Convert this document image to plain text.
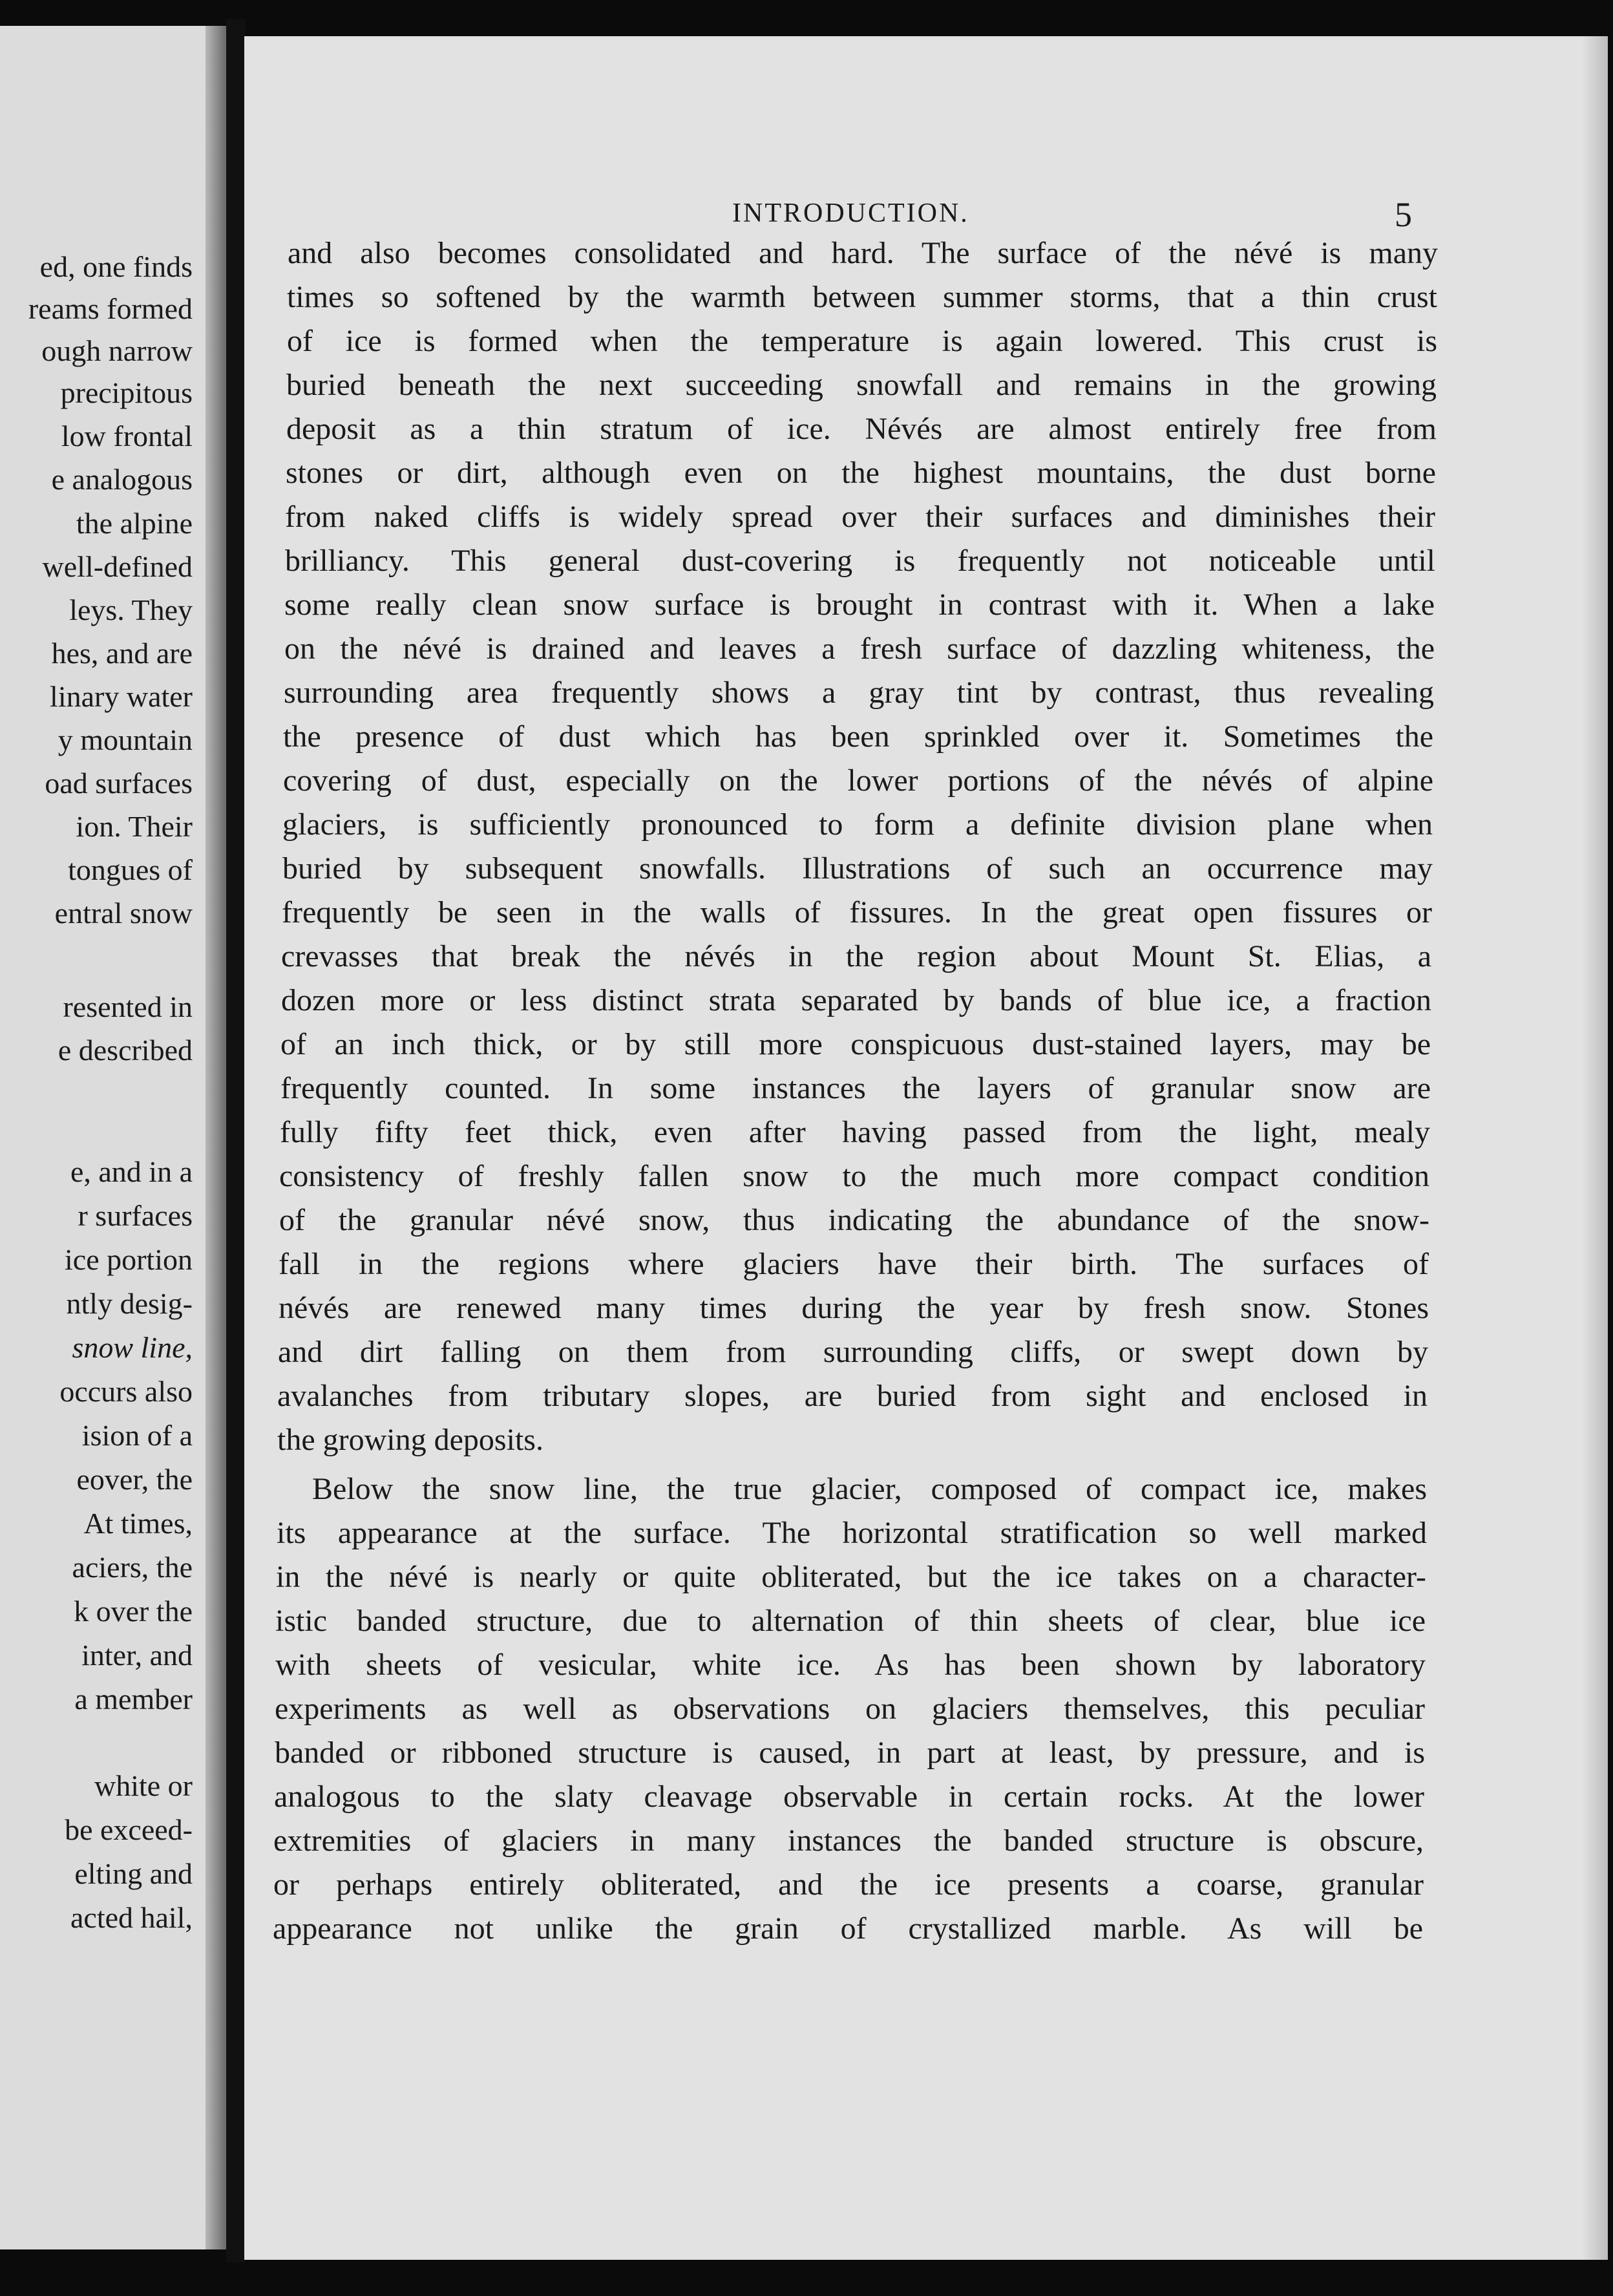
ed, one finds
reams formed
ough narrow
precipitous
low frontal
e analogous
the alpine
well-defined
leys. They
hes, and are
linary water
y mountain
oad surfaces
ion. Their
tongues of
entral snow
resented in
e described
e, and in a
r surfaces
ice portion
ntly desig-
snow line,
occurs also
ision of a
eover, the
At times,
aciers, the
k over the
inter, and
a member
white or
be exceed-
elting and
acted hail,
INTRODUCTION.	5
and also becomes consolidated and hard. The surface of the névé is many
times so softened by the warmth between summer storms, that a thin crust
of ice is formed when the temperature is again lowered. This crust is
buried beneath the next succeeding snowfall and remains in the growing
deposit as a thin stratum of ice. Névés are almost entirely free from
stones or dirt, although even on the highest mountains, the dust borne
from naked cliffs is widely spread over their surfaces and diminishes their
brilliancy. This general dust-covering is frequently not noticeable until
some really clean snow surface is brought in contrast with it. When a lake
on the névé is drained and leaves a fresh surface of dazzling whiteness, the
surrounding area frequently shows a gray tint by contrast, thus revealing
the presence of dust which has been sprinkled over it. Sometimes the
covering of dust, especially on the lower portions of the névés of alpine
glaciers, is sufficiently pronounced to form a definite division plane when
buried by subsequent snowfalls. Illustrations of such an occurrence may
frequently be seen in the walls of fissures. In the great open fissures or
crevasses that break the névés in the region about Mount St. Elias, a
dozen more or less distinct strata separated by bands of blue ice, a fraction
of an inch thick, or by still more conspicuous dust-stained layers, may be
frequently counted. In some instances the layers of granular snow are
fully fifty feet thick, even after having passed from the light, mealy
consistency of freshly fallen snow to the much more compact condition
of the granular névé snow, thus indicating the abundance of the snow-
fall in the regions where glaciers have their birth. The surfaces of
névés are renewed many times during the year by fresh snow. Stones
and dirt falling on them from surrounding cliffs, or swept down by
avalanches from tributary slopes, are buried from sight and enclosed in
the growing deposits.
Below the snow line, the true glacier, composed of compact ice, makes
its appearance at the surface. The horizontal stratification so well marked
in the névé is nearly or quite obliterated, but the ice takes on a character-
istic banded structure, due to alternation of thin sheets of clear, blue ice
with sheets of vesicular, white ice. As has been shown by laboratory
experiments as well as observations on glaciers themselves, this peculiar
banded or ribboned structure is caused, in part at least, by pressure, and is
analogous to the slaty cleavage observable in certain rocks. At the lower
extremities of glaciers in many instances the banded structure is obscure,
or perhaps entirely obliterated, and the ice presents a coarse, granular
appearance not unlike the grain of crystallized marble. As will be
